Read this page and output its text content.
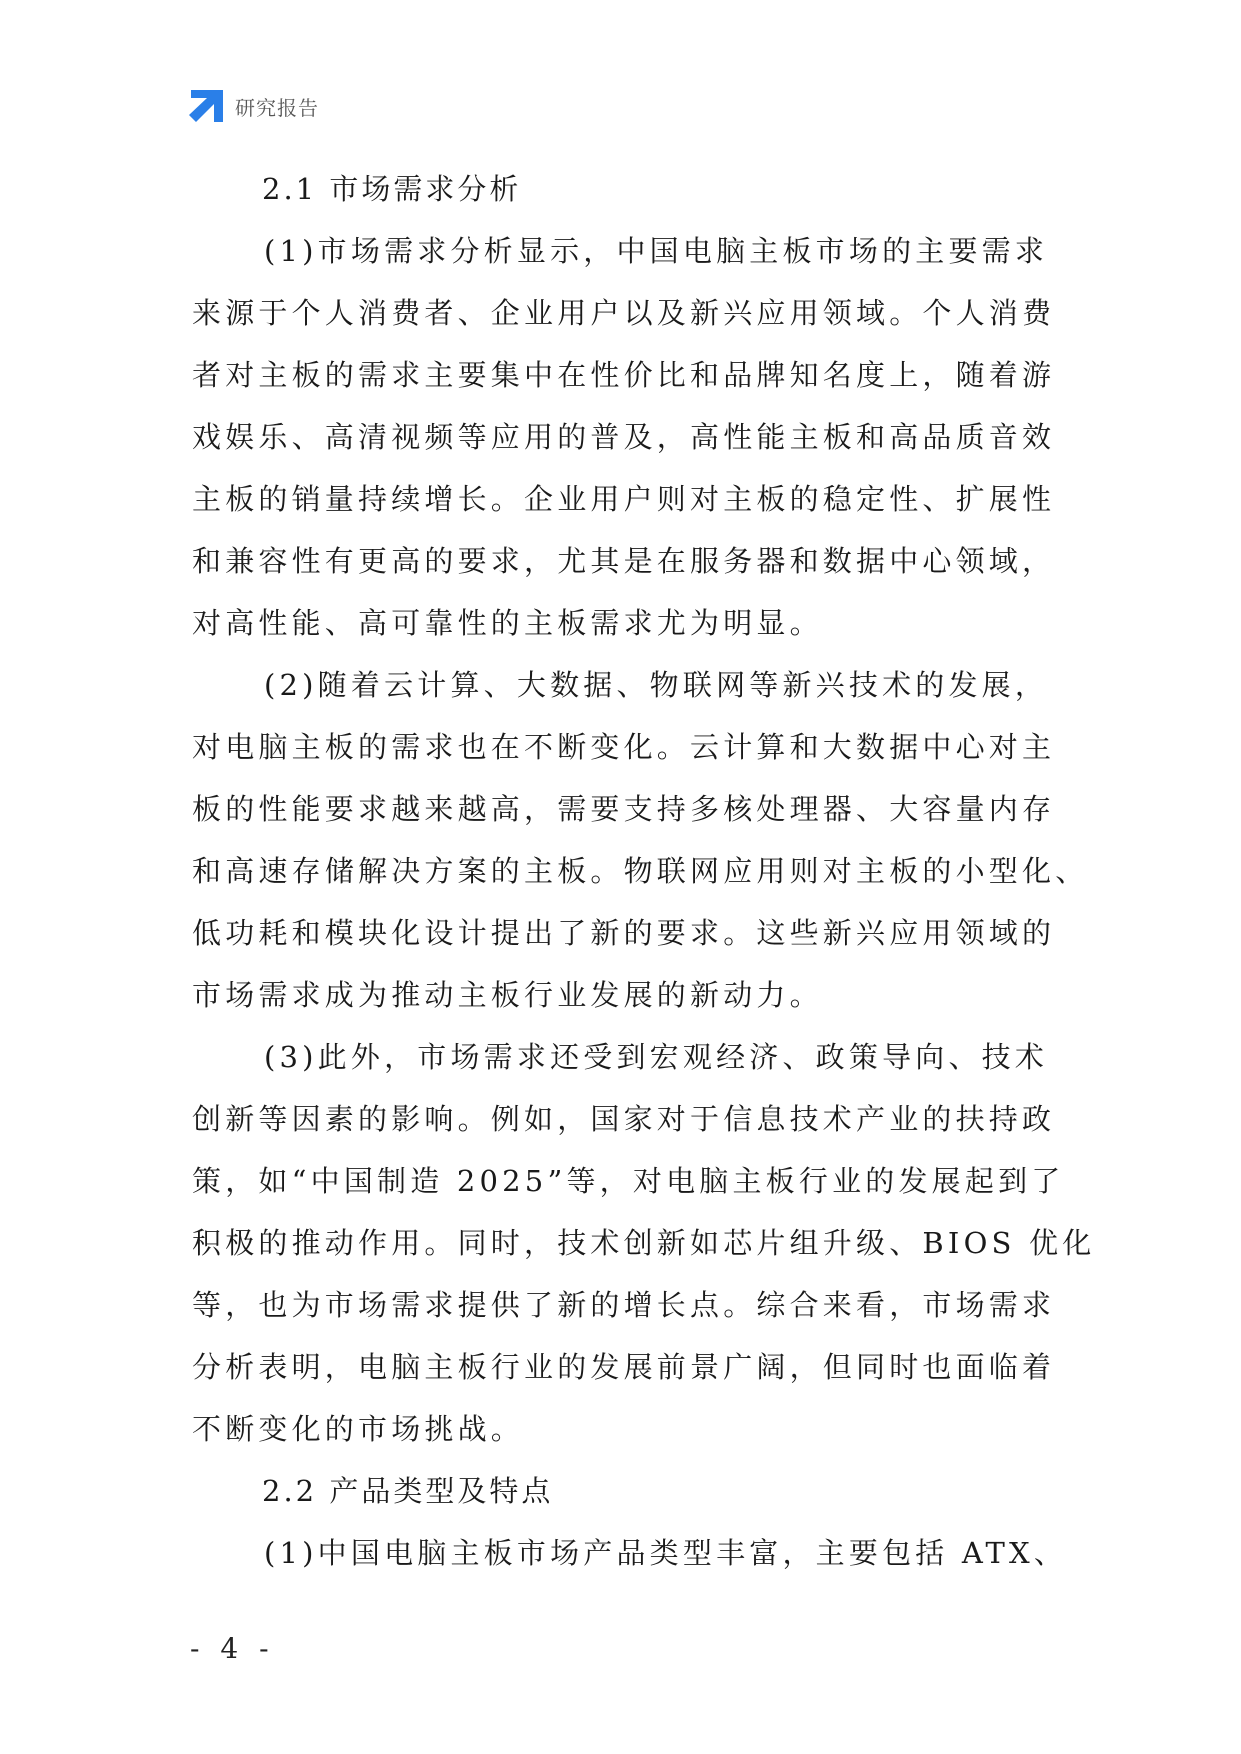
研究报告
2.1 市场需求分析

(1)市场需求分析显示，中国电脑主板市场的主要需求

来源于个人消费者、企业用户以及新兴应用领域。个人消费

者对主板的需求主要集中在性价比和品牌知名度上，随着游

戏娱乐、高清视频等应用的普及，高性能主板和高品质音效

主板的销量持续增长。企业用户则对主板的稳定性、扩展性

和兼容性有更高的要求，尤其是在服务器和数据中心领域，

对高性能、高可靠性的主板需求尤为明显。

(2)随着云计算、大数据、物联网等新兴技术的发展，

对电脑主板的需求也在不断变化。云计算和大数据中心对主

板的性能要求越来越高，需要支持多核处理器、大容量内存

和高速存储解决方案的主板。物联网应用则对主板的小型化、

低功耗和模块化设计提出了新的要求。这些新兴应用领域的

市场需求成为推动主板行业发展的新动力。

(3)此外，市场需求还受到宏观经济、政策导向、技术

创新等因素的影响。例如，国家对于信息技术产业的扶持政

策，如“中国制造 2025”等，对电脑主板行业的发展起到了

积极的推动作用。同时，技术创新如芯片组升级、BIOS 优化

等，也为市场需求提供了新的增长点。综合来看，市场需求

分析表明，电脑主板行业的发展前景广阔，但同时也面临着

不断变化的市场挑战。

2.2 产品类型及特点

(1)中国电脑主板市场产品类型丰富，主要包括 ATX、

- 4 -
